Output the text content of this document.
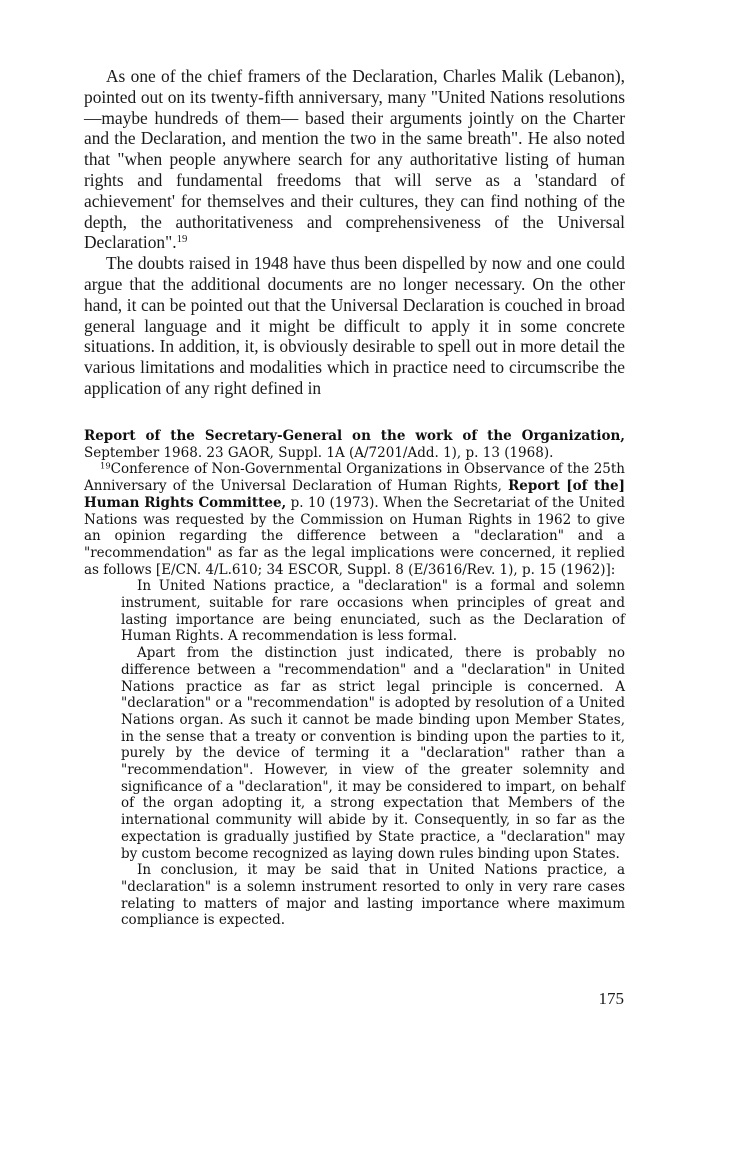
As one of the chief framers of the Declaration, Charles Malik (Lebanon), pointed out on its twenty-fifth anniversary, many "United Nations resolutions —maybe hundreds of them— based their arguments jointly on the Charter and the Declaration, and mention the two in the same breath". He also noted that "when people anywhere search for any authoritative listing of human rights and fundamental freedoms that will serve as a 'standard of achievement' for themselves and their cultures, they can find nothing of the depth, the authoritativeness and comprehensiveness of the Universal Declaration".$^{19}$

The doubts raised in 1948 have thus been dispelled by now and one could argue that the additional documents are no longer necessary. On the other hand, it can be pointed out that the Universal Declaration is couched in broad general language and it might be difficult to apply it in some concrete situations. In addition, it, is obviously desirable to spell out in more detail the various limitations and modalities which in practice need to circumscribe the application of any right defined in

Report of the Secretary-General on the work of the Organization, September 1968. 23 GAOR, Suppl. 1A (A/7201/Add. 1), p. 13 (1968).

$^{19}$Conference of Non-Governmental Organizations in Observance of the 25th Anniversary of the Universal Declaration of Human Rights, Report [of the] Human Rights Committee, p. 10 (1973). When the Secretariat of the United Nations was requested by the Commission on Human Rights in 1962 to give an opinion regarding the difference between a "declaration" and a "recommendation" as far as the legal implications were concerned, it replied as follows [E/CN. 4/L.610; 34 ESCOR, Suppl. 8 (E/3616/Rev. 1), p. 15 (1962)]:

In United Nations practice, a "declaration" is a formal and solemn instrument, suitable for rare occasions when principles of great and lasting importance are being enunciated, such as the Declaration of Human Rights. A recommendation is less formal.

Apart from the distinction just indicated, there is probably no difference between a "recommendation" and a "declaration" in United Nations practice as far as strict legal principle is concerned. A "declaration" or a "recommendation" is adopted by resolution of a United Nations organ. As such it cannot be made binding upon Member States, in the sense that a treaty or convention is binding upon the parties to it, purely by the device of terming it a "declaration" rather than a "recommendation". However, in view of the greater solemnity and significance of a "declaration", it may be considered to impart, on behalf of the organ adopting it, a strong expectation that Members of the international community will abide by it. Consequently, in so far as the expectation is gradually justified by State practice, a "declaration" may by custom become recognized as laying down rules binding upon States.

In conclusion, it may be said that in United Nations practice, a "declaration" is a solemn instrument resorted to only in very rare cases relating to matters of major and lasting importance where maximum compliance is expected.

175
